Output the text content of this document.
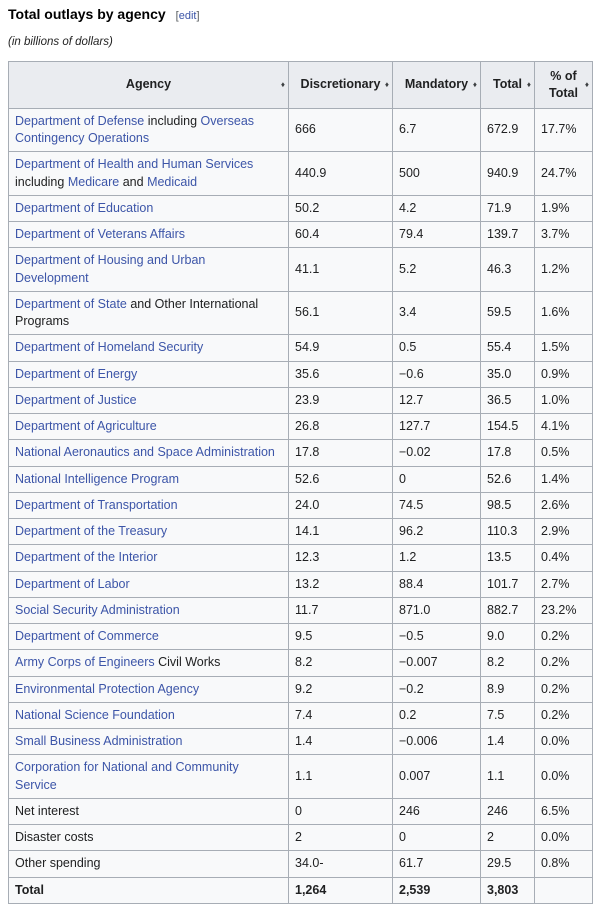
Total outlays by agency [edit]
(in billions of dollars)
Agency ♦	Discretionary ♦	Mandatory ♦	Total ♦	% of Total
♦

Department of Defense including Overseas Contingency Operations	666	6.7	672.9	17.7%
Department of Health and Human Services including Medicare and Medicaid	440.9	500	940.9	24.7%
Department of Education	50.2	4.2	71.9	1.9%
Department of Veterans Affairs	60.4	79.4	139.7	3.7%
Department of Housing and Urban Development	41.1	5.2	46.3	1.2%
Department of State and Other International Programs	56.1	3.4	59.5	1.6%
Department of Homeland Security	54.9	0.5	55.4	1.5%
Department of Energy	35.6	−0.6	35.0	0.9%
Department of Justice	23.9	12.7	36.5	1.0%
Department of Agriculture	26.8	127.7	154.5	4.1%
National Aeronautics and Space Administration	17.8	−0.02	17.8	0.5%
National Intelligence Program	52.6	0	52.6	1.4%
Department of Transportation	24.0	74.5	98.5	2.6%
Department of the Treasury	14.1	96.2	110.3	2.9%
Department of the Interior	12.3	1.2	13.5	0.4%
Department of Labor	13.2	88.4	101.7	2.7%
Social Security Administration	11.7	871.0	882.7	23.2%
Department of Commerce	9.5	−0.5	9.0	0.2%
Army Corps of Engineers Civil Works	8.2	−0.007	8.2	0.2%
Environmental Protection Agency	9.2	−0.2	8.9	0.2%
National Science Foundation	7.4	0.2	7.5	0.2%
Small Business Administration	1.4	−0.006	1.4	0.0%
Corporation for National and Community Service	1.1	0.007	1.1	0.0%
Net interest	0	246	246	6.5%
Disaster costs	2	0	2	0.0%
Other spending	34.0-	61.7	29.5	0.8%
Total	1,264	2,539	3,803	
